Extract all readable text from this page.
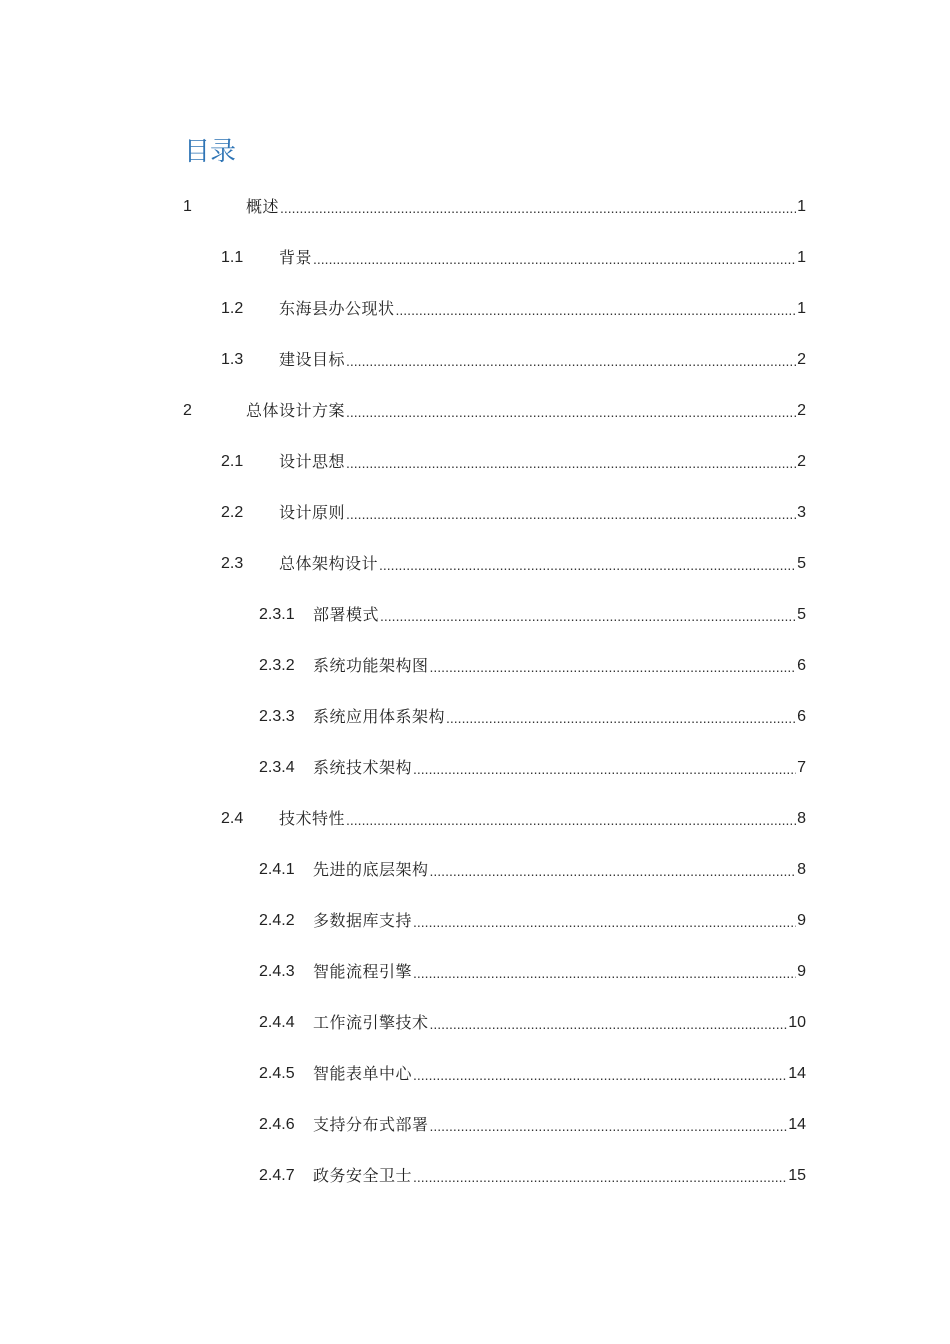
目录
1	概述 .....	1
1.1 背景 .....	1
1.2 东海县办公现状 .....	1
1.3 建设目标 .....	2
2	总体设计方案 .....	2
2.1 设计思想 .....	2
2.2 设计原则 .....	3
2.3 总体架构设计 .....	5
2.3.1 部署模式 .....	5
2.3.2 系统功能架构图 .....	6
2.3.3 系统应用体系架构 .....	6
2.3.4 系统技术架构 .....	7
2.4 技术特性 .....	8
2.4.1 先进的底层架构 .....	8
2.4.2 多数据库支持 .....	9
2.4.3 智能流程引擎 .....	9
2.4.4 工作流引擎技术 .....	10
2.4.5 智能表单中心 .....	14
2.4.6 支持分布式部署 .....	14
2.4.7 政务安全卫士 .....	15
